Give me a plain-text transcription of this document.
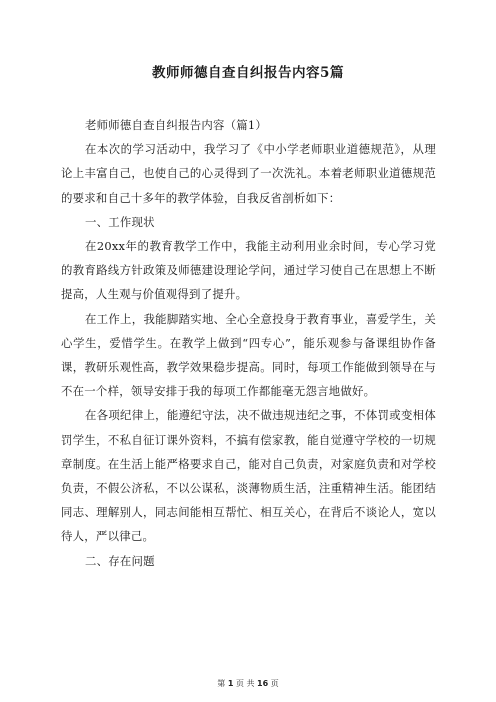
教师师德自查自纠报告内容5篇

老师师德自查自纠报告内容（篇1）

在本次的学习活动中，我学习了《中小学老师职业道德规范》，从理论上丰富自己，也使自己的心灵得到了一次洗礼。本着老师职业道德规范的要求和自己十多年的教学体验，自我反省剖析如下：

一、工作现状

在20xx年的教育教学工作中，我能主动利用业余时间，专心学习党的教育路线方针政策及师德建设理论学问，通过学习使自己在思想上不断提高，人生观与价值观得到了提升。

在工作上，我能脚踏实地、全心全意投身于教育事业，喜爱学生，关心学生，爱惜学生。在教学上做到“四专心”，能乐观参与备课组协作备课，教研乐观性高，教学效果稳步提高。同时，每项工作能做到领导在与不在一个样，领导安排于我的每项工作都能毫无怨言地做好。

在各项纪律上，能遵纪守法，决不做违规违纪之事，不体罚或变相体罚学生，不私自征订课外资料，不搞有偿家教，能自觉遵守学校的一切规章制度。在生活上能严格要求自己，能对自己负责，对家庭负责和对学校负责，不假公济私，不以公谋私，淡薄物质生活，注重精神生活。能团结同志、理解别人，同志间能相互帮忙、相互关心，在背后不谈论人，宽以待人，严以律己。

二、存在问题

第 1 页 共 16 页
